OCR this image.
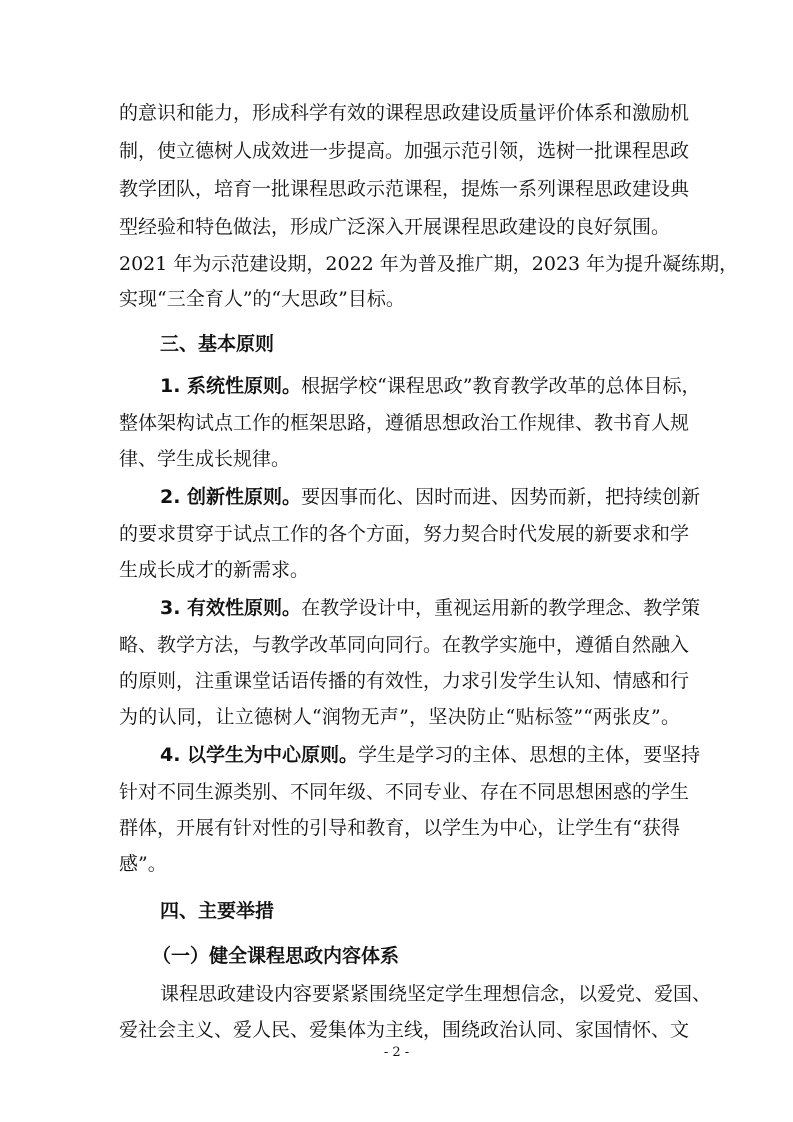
的意识和能力，形成科学有效的课程思政建设质量评价体系和激励机
制，使立德树人成效进一步提高。加强示范引领，选树一批课程思政
教学团队，培育一批课程思政示范课程，提炼一系列课程思政建设典
型经验和特色做法，形成广泛深入开展课程思政建设的良好氛围。
2021 年为示范建设期，2022 年为普及推广期，2023 年为提升凝练期，
实现“三全育人”的“大思政”目标。
三、基本原则
1. 系统性原则。根据学校“课程思政”教育教学改革的总体目标，
整体架构试点工作的框架思路，遵循思想政治工作规律、教书育人规
律、学生成长规律。
2. 创新性原则。要因事而化、因时而进、因势而新，把持续创新
的要求贯穿于试点工作的各个方面，努力契合时代发展的新要求和学
生成长成才的新需求。
3. 有效性原则。在教学设计中，重视运用新的教学理念、教学策
略、教学方法，与教学改革同向同行。在教学实施中，遵循自然融入
的原则，注重课堂话语传播的有效性，力求引发学生认知、情感和行
为的认同，让立德树人“润物无声”，坚决防止“贴标签”“两张皮”。
4. 以学生为中心原则。学生是学习的主体、思想的主体，要坚持
针对不同生源类别、不同年级、不同专业、存在不同思想困惑的学生
群体，开展有针对性的引导和教育，以学生为中心，让学生有“获得
感”。
四、主要举措
（一）健全课程思政内容体系
课程思政建设内容要紧紧围绕坚定学生理想信念，以爱党、爱国、
爱社会主义、爱人民、爱集体为主线，围绕政治认同、家国情怀、文
- 2 -
